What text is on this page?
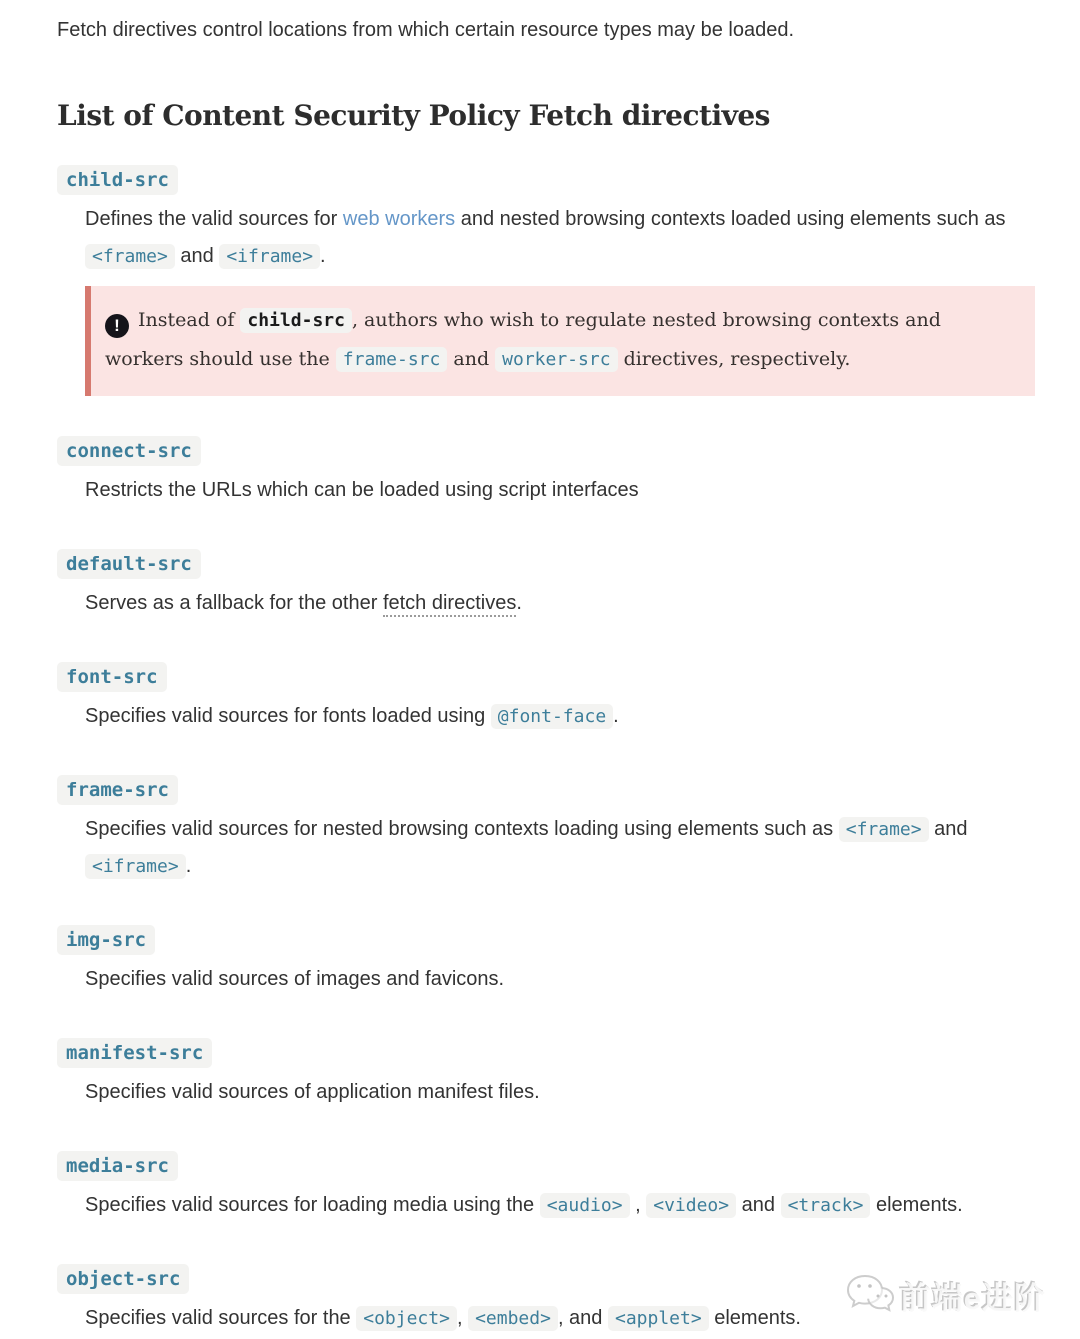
Fetch directives control locations from which certain resource types may be loaded.

List of Content Security Policy Fetch directives
child-src

Defines the valid sources for web workers and nested browsing contexts loaded using elements such as <frame> and <iframe> .

! Instead of child-src , authors who wish to regulate nested browsing contexts and workers should use the frame-src and worker-src directives, respectively.
connect-src

Restricts the URLs which can be loaded using script interfaces

default-src

Serves as a fallback for the other fetch directives.

font-src

Specifies valid sources for fonts loaded using @font-face .

frame-src

Specifies valid sources for nested browsing contexts loading using elements such as <frame> and <iframe> .

img-src

Specifies valid sources of images and favicons.

manifest-src

Specifies valid sources of application manifest files.

media-src

Specifies valid sources for loading media using the <audio> , <video> and <track> elements.

object-src

Specifies valid sources for the <object> , <embed> , and <applet> elements.

前端e进阶
